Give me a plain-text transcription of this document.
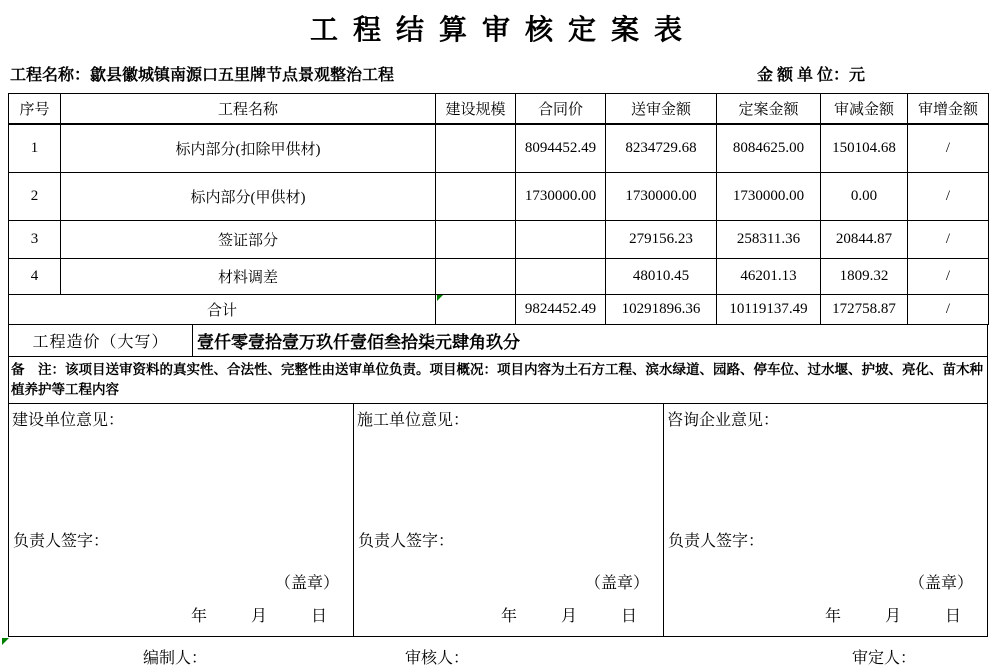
工 程 结 算 审 核 定 案 表
工程名称：歙县徽城镇南源口五里牌节点景观整治工程	金 额 单 位：元
序号	工程名称	建设规模	合同价	送审金额	定案金额	审减金额	审增金额
1	标内部分(扣除甲供材)		8094452.49	8234729.68	8084625.00	150104.68	/
2	标内部分(甲供材)		1730000.00	1730000.00	1730000.00	0.00	/
3	签证部分			279156.23	258311.36	20844.87	/
4	材料调差			48010.45	46201.13	1809.32	/
合计			9824452.49	10291896.36	10119137.49	172758.87	/
工程造价（大写）	壹仟零壹拾壹万玖仟壹佰叁拾柒元肆角玖分
备　注：该项目送审资料的真实性、合法性、完整性由送审单位负责。项目概况：项目内容为土石方工程、滨水绿道、园路、停车位、过水堰、护坡、亮化、苗木种植养护等工程内容
建设单位意见：
负责人签字：
（盖章）
年	月	日
施工单位意见：
负责人签字：
（盖章）
年	月	日
咨询企业意见：
负责人签字：
（盖章）
年	月	日
编制人：	审核人：	审定人：
